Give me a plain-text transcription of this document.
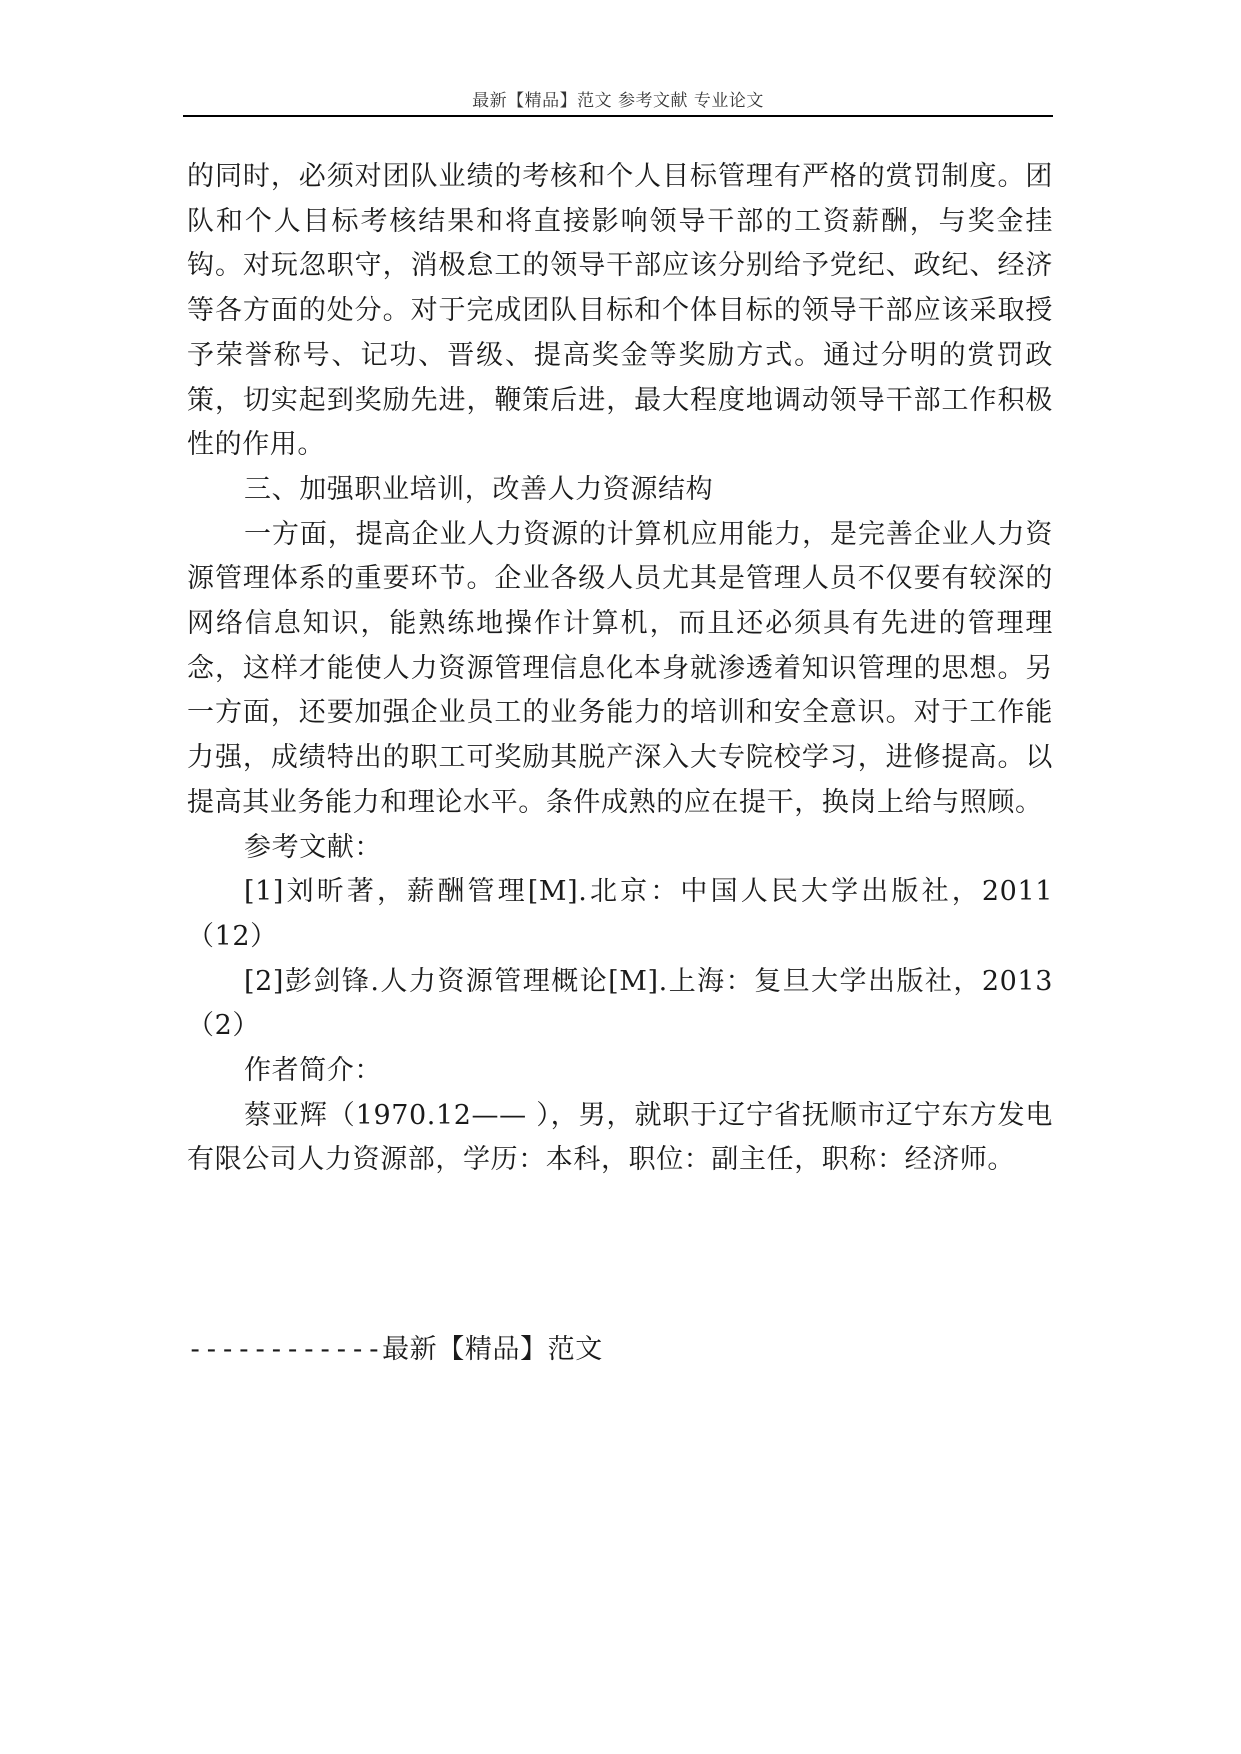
最新【精品】范文 参考文献 专业论文

的同时，必须对团队业绩的考核和个人目标管理有严格的赏罚制度。团队和个人目标考核结果和将直接影响领导干部的工资薪酬，与奖金挂钩。对玩忽职守，消极怠工的领导干部应该分别给予党纪、政纪、经济等各方面的处分。对于完成团队目标和个体目标的领导干部应该采取授予荣誉称号、记功、晋级、提高奖金等奖励方式。通过分明的赏罚政策，切实起到奖励先进，鞭策后进，最大程度地调动领导干部工作积极性的作用。

三、加强职业培训，改善人力资源结构

一方面，提高企业人力资源的计算机应用能力，是完善企业人力资源管理体系的重要环节。企业各级人员尤其是管理人员不仅要有较深的网络信息知识，能熟练地操作计算机，而且还必须具有先进的管理理念，这样才能使人力资源管理信息化本身就渗透着知识管理的思想。另一方面，还要加强企业员工的业务能力的培训和安全意识。对于工作能力强，成绩特出的职工可奖励其脱产深入大专院校学习，进修提高。以提高其业务能力和理论水平。条件成熟的应在提干，换岗上给与照顾。

参考文献：

[1]刘昕著，薪酬管理[M].北京：中国人民大学出版社，2011（12）

[2]彭剑锋.人力资源管理概论[M].上海：复旦大学出版社，2013（2）

作者简介：

蔡亚辉（1970.12—— ），男，就职于辽宁省抚顺市辽宁东方发电有限公司人力资源部，学历：本科，职位：副主任，职称：经济师。

------------最新【精品】范文
